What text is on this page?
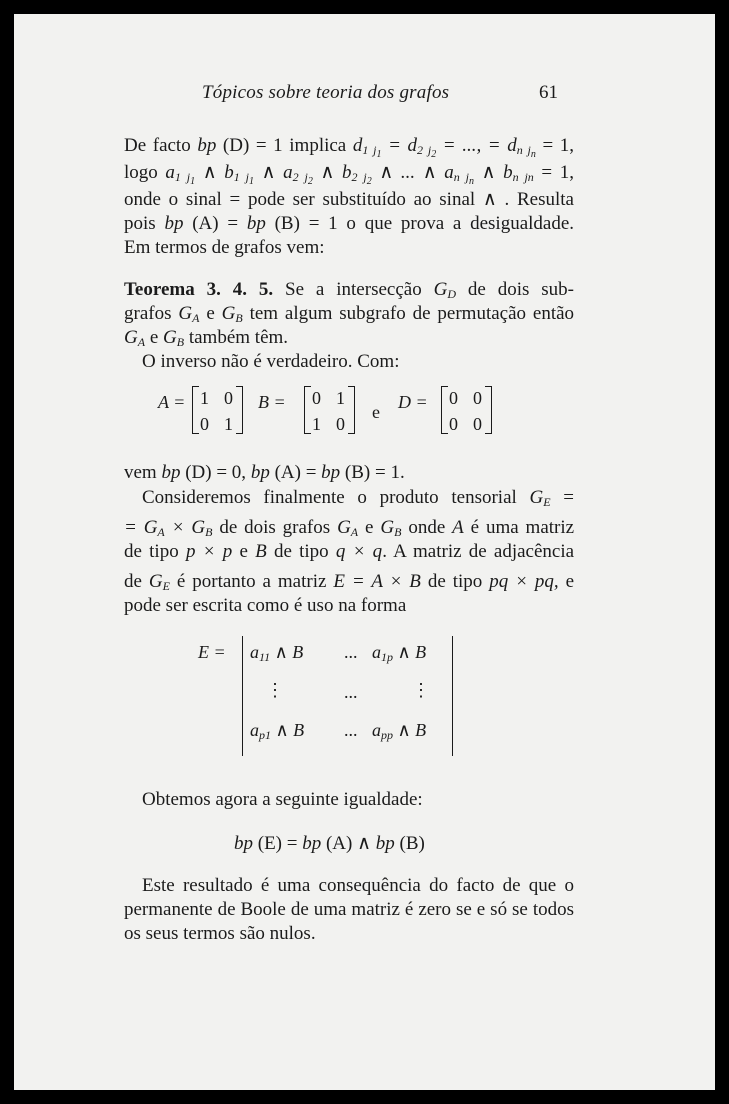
Tópicos sobre teoria dos grafos	61
De facto bp (D) = 1 implica $d_{1 j_1} = d_{2 j_2}$ = ..., = $d_{n j_n} = 1$,
logo $a_{1 j_1}$ ∧ $b_{1 j_1}$ ∧ $a_{2 j_2}$ ∧ $b_{2 j_2}$ ∧ ... ∧ $a_{n j_n}$ ∧ $b_{n jn} = 1$,
onde o sinal = pode ser substituído ao sinal ∧ . Resulta
pois bp (A) = bp (B) = 1 o que prova a desigualdade.
Em termos de grafos vem:
Teorema 3. 4. 5. Se a intersecção $G_D$ de dois sub-
grafos $G_A$ e $G_B$ tem algum subgrafo de permutação então
$G_A$ e $G_B$ também têm.
O inverso não é verdadeiro. Com:
A = 1 0
0 1
B = 0 1
1 0
e D = 0 0
0 0
vem bp (D) = 0, bp (A) = bp (B) = 1.
Consideremos finalmente o produto tensorial $G_E$ =
= $G_A \times G_B$ de dois grafos $G_A$ e $G_B$ onde A é uma matriz
de tipo p × p e B de tipo q × q. A matriz de adjacência
de $G_E$ é portanto a matriz E = A × B de tipo pq × pq, e
pode ser escrita como é uso na forma
$E = a_{11}$ ∧ B ... $a_{1p}$ ∧ B
⋮	...	⋮
$a_{p1}$ ∧ B ... $a_{pp}$ ∧ B
Obtemos agora a seguinte igualdade:
bp (E) = bp (A) ∧ bp (B)
Este resultado é uma consequência do facto de que o
permanente de Boole de uma matriz é zero se e só se todos
os seus termos são nulos.
